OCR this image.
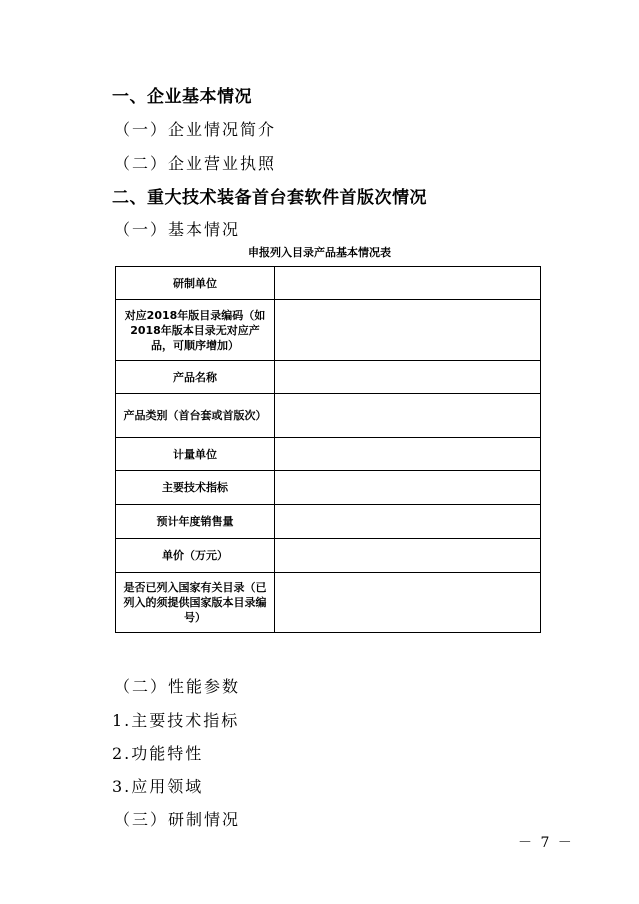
一、企业基本情况
（一）企业情况简介
（二）企业营业执照
二、重大技术装备首台套软件首版次情况
（一）基本情况
申报列入目录产品基本情况表
研制单位	
对应2018年版目录编码（如2018年版本目录无对应产品，可顺序增加）	
产品名称	
产品类别（首台套或首版次）	
计量单位	
主要技术指标	
预计年度销售量	
单价（万元）	
是否已列入国家有关目录（已列入的须提供国家版本目录编号）	
（二）性能参数
1.主要技术指标
2.功能特性
3.应用领域
（三）研制情况
－ 7 －
